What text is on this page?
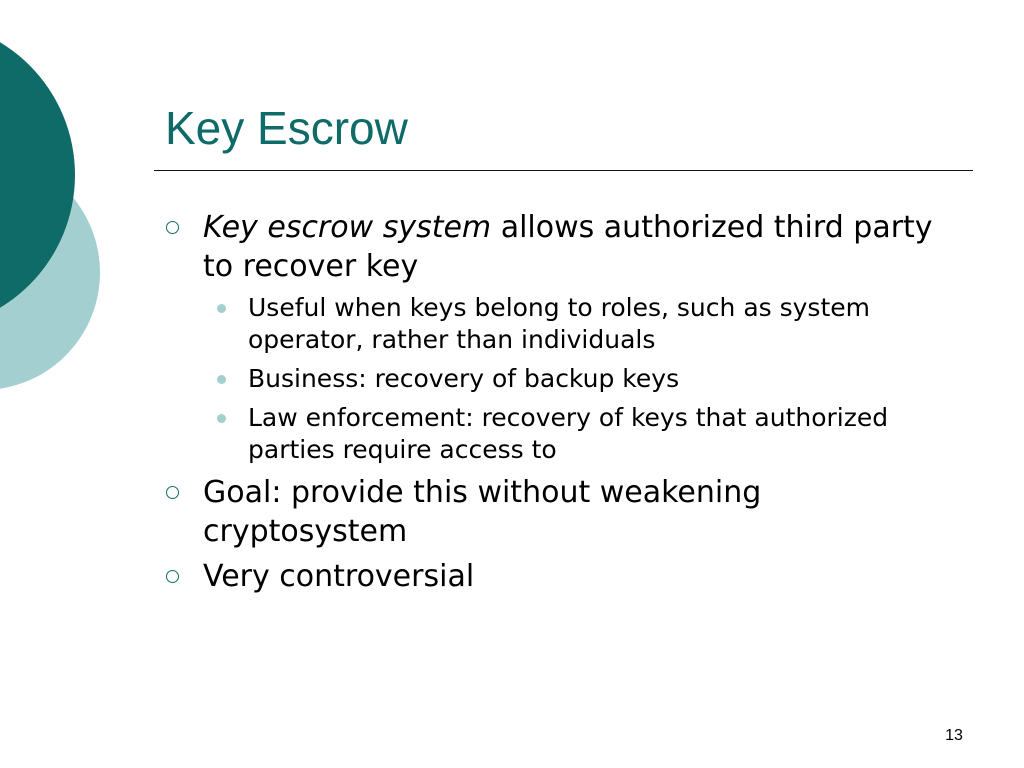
Key Escrow
Key escrow system allows authorized third party to recover key
Useful when keys belong to roles, such as system operator, rather than individuals
Business: recovery of backup keys
Law enforcement: recovery of keys that authorized parties require access to
Goal: provide this without weakening cryptosystem
Very controversial
13
